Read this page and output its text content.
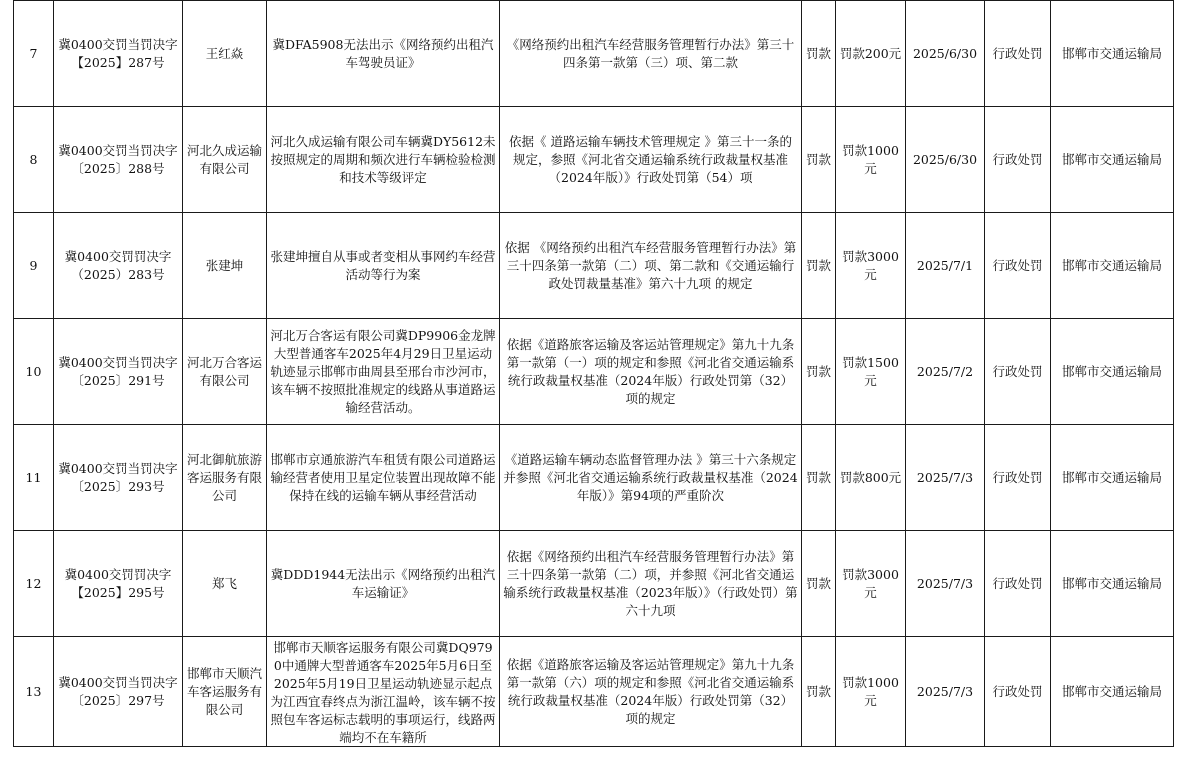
7	冀0400交罚当罚决字【2025】287号	王红焱	冀DFA5908无法出示《网络预约出租汽车驾驶员证》	《网络预约出租汽车经营服务管理暂行办法》第三十四条第一款第（三）项、第二款	罚款	罚款200元	2025/6/30	行政处罚	邯郸市交通运输局
8	冀0400交罚当罚决字〔2025〕288号	河北久成运输有限公司	河北久成运输有限公司车辆冀DY5612未按照规定的周期和频次进行车辆检验检测和技术等级评定	依据《 道路运输车辆技术管理规定 》第三十一条的规定，参照《河北省交通运输系统行政裁量权基准（2024年版）》行政处罚第（54）项	罚款	罚款1000元	2025/6/30	行政处罚	邯郸市交通运输局
9	冀0400交罚罚决字（2025）283号	张建坤	张建坤擅自从事或者变相从事网约车经营活动等行为案	依据 《网络预约出租汽车经营服务管理暂行办法》第三十四条第一款第（二）项、第二款和《交通运输行政处罚裁量基准》第六十九项 的规定	罚款	罚款3000元	2025/7/1	行政处罚	邯郸市交通运输局
10	冀0400交罚当罚决字〔2025〕291号	河北万合客运有限公司	河北万合客运有限公司冀DP9906金龙牌大型普通客车2025年4月29日卫星运动轨迹显示邯郸市曲周县至邢台市沙河市，该车辆不按照批准规定的线路从事道路运输经营活动。	依据《道路旅客运输及客运站管理规定》第九十九条第一款第（一）项的规定和参照《河北省交通运输系统行政裁量权基准（2024年版）行政处罚第（32）项的规定	罚款	罚款1500元	2025/7/2	行政处罚	邯郸市交通运输局
11	冀0400交罚当罚决字〔2025〕293号	河北御航旅游客运服务有限公司	邯郸市京通旅游汽车租赁有限公司道路运输经营者使用卫星定位装置出现故障不能保持在线的运输车辆从事经营活动	《道路运输车辆动态监督管理办法 》第三十六条规定并参照《河北省交通运输系统行政裁量权基准（2024年版）》第94项的严重阶次	罚款	罚款800元	2025/7/3	行政处罚	邯郸市交通运输局
12	冀0400交罚罚决字【2025】295号	郑飞	冀DDD1944无法出示《网络预约出租汽车运输证》	依据《网络预约出租汽车经营服务管理暂行办法》第三十四条第一款第（二）项，并参照《河北省交通运输系统行政裁量权基准（2023年版）》（行政处罚）第六十九项	罚款	罚款3000元	2025/7/3	行政处罚	邯郸市交通运输局
13	冀0400交罚当罚决字〔2025〕297号	邯郸市天顺汽车客运服务有限公司	邯郸市天顺客运服务有限公司冀DQ9790中通牌大型普通客车2025年5月6日至2025年5月19日卫星运动轨迹显示起点为江西宜春终点为浙江温岭，该车辆不按照包车客运标志载明的事项运行，线路两端均不在车籍所	依据《道路旅客运输及客运站管理规定》第九十九条第一款第（六）项的规定和参照《河北省交通运输系统行政裁量权基准（2024年版）行政处罚第（32）项的规定	罚款	罚款1000元	2025/7/3	行政处罚	邯郸市交通运输局
